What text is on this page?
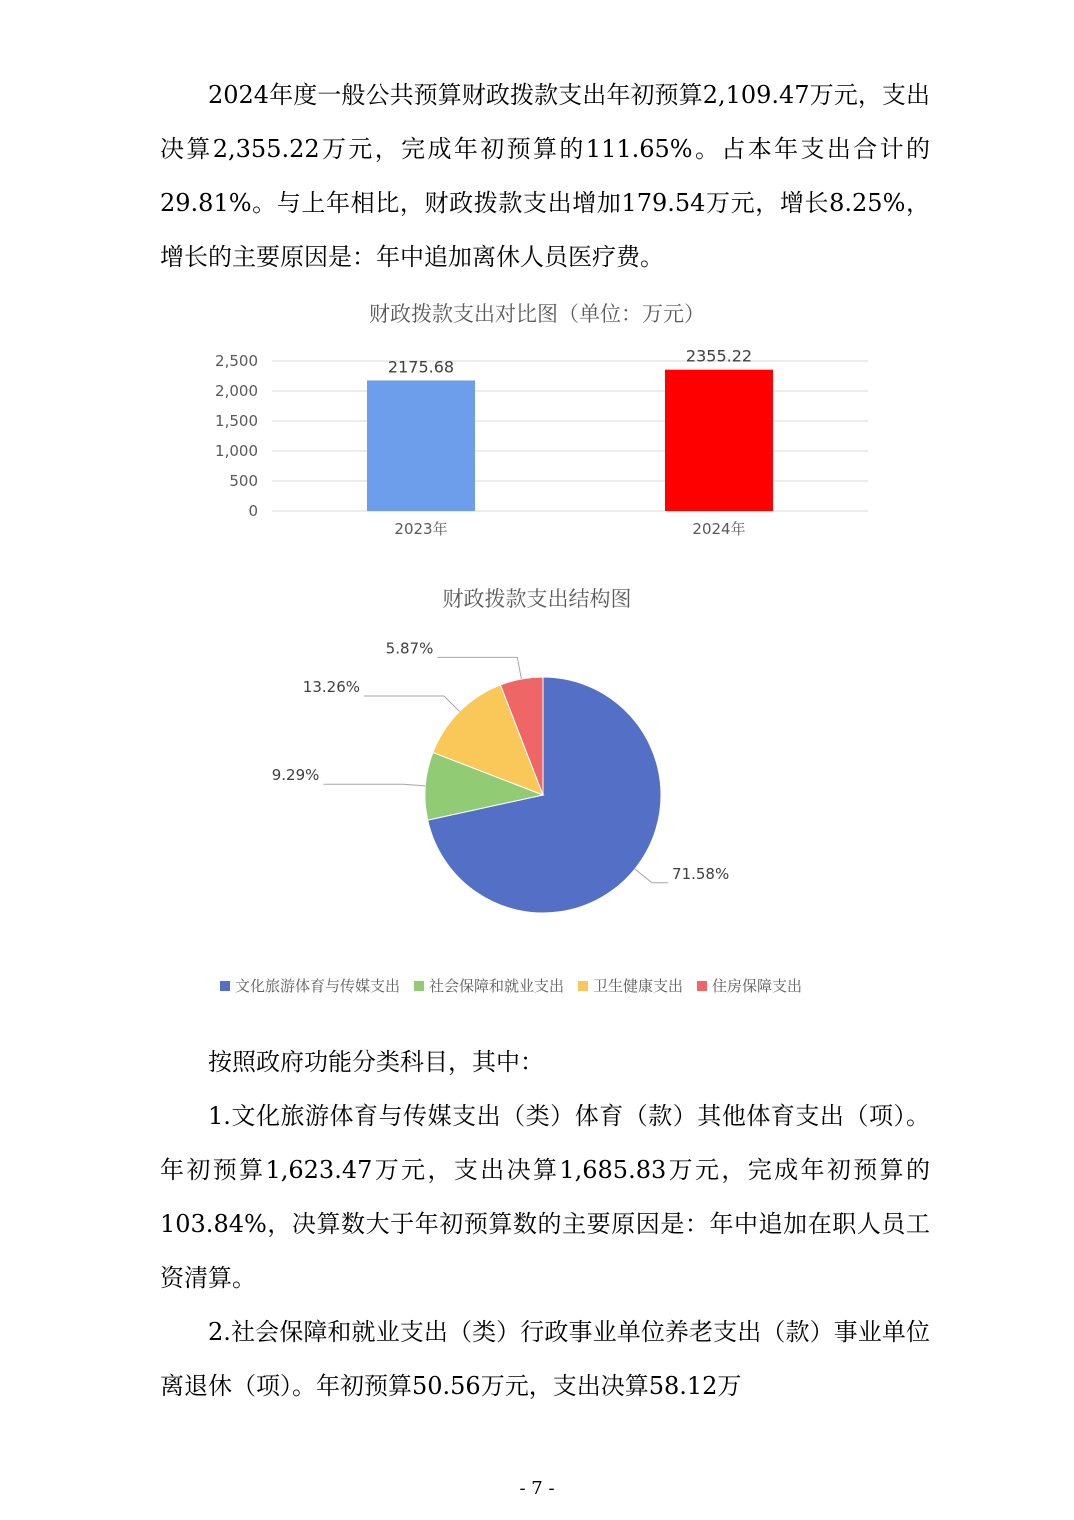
2024年度一般公共预算财政拨款支出年初预算2,109.47万元，支出决算2,355.22万元，完成年初预算的111.65%。占本年支出合计的29.81%。与上年相比，财政拨款支出增加179.54万元，增长8.25%，增长的主要原因是：年中追加离休人员医疗费。
财政拨款支出对比图（单位：万元）
0
500
1,000
1,500
2,000
2,500	2175.68
2023年
2355.22
2024年
财政拨款支出结构图
71.58%
9.29%
13.26%
5.87%
文化旅游体育与传媒支出 社会保障和就业支出 卫生健康支出 住房保障支出
按照政府功能分类科目，其中：
1.文化旅游体育与传媒支出（类）体育（款）其他体育支出（项）。年初预算1,623.47万元，支出决算1,685.83万元，完成年初预算的103.84%，决算数大于年初预算数的主要原因是：年中追加在职人员工资清算。
2.社会保障和就业支出（类）行政事业单位养老支出（款）事业单位离退休（项）。年初预算50.56万元，支出决算58.12万
- 7 -
